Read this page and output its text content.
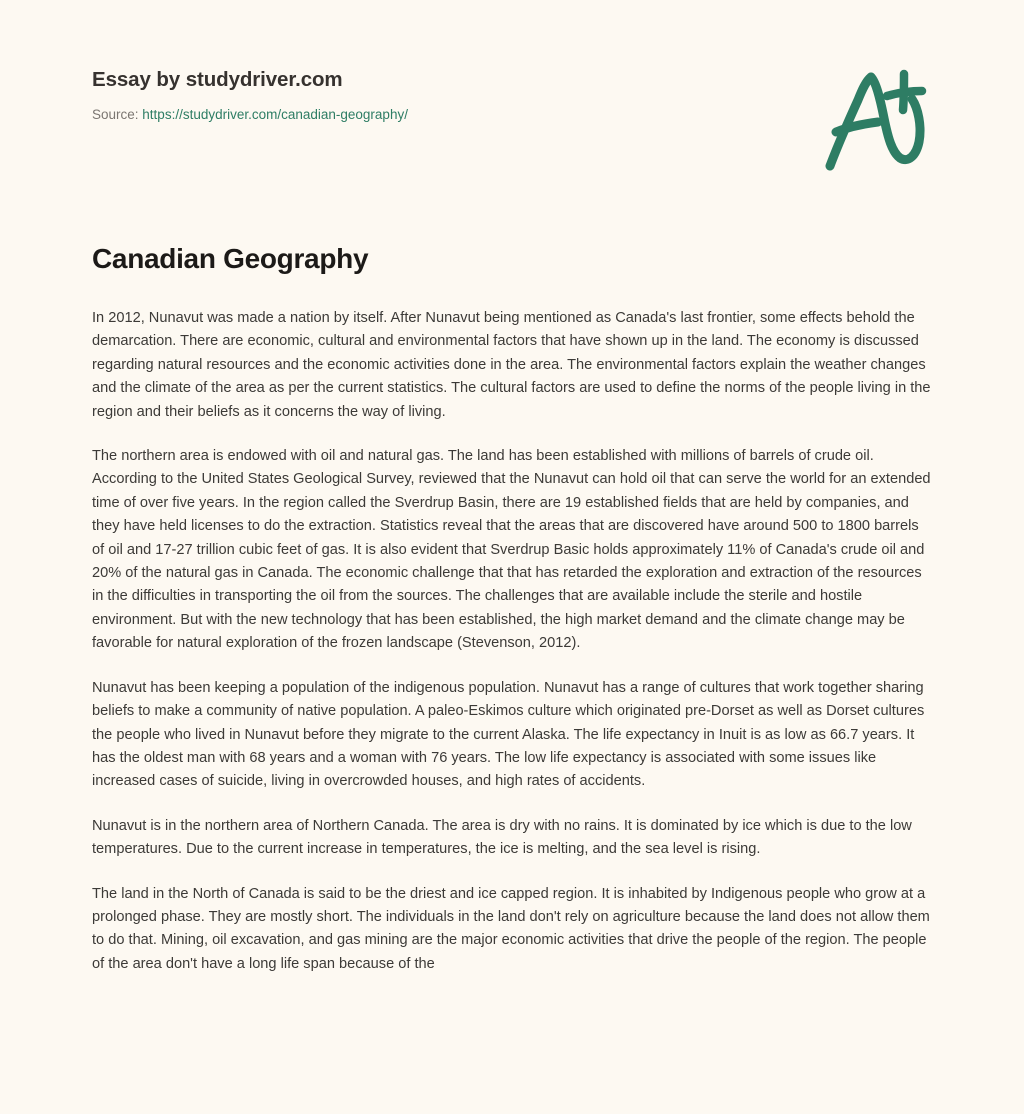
Essay by studydriver.com
Source: https://studydriver.com/canadian-geography/
Canadian Geography

In 2012, Nunavut was made a nation by itself. After Nunavut being mentioned as Canada's last frontier, some effects behold the demarcation. There are economic, cultural and environmental factors that have shown up in the land. The economy is discussed regarding natural resources and the economic activities done in the area. The environmental factors explain the weather changes and the climate of the area as per the current statistics. The cultural factors are used to define the norms of the people living in the region and their beliefs as it concerns the way of living.

The northern area is endowed with oil and natural gas. The land has been established with millions of barrels of crude oil. According to the United States Geological Survey, reviewed that the Nunavut can hold oil that can serve the world for an extended time of over five years. In the region called the Sverdrup Basin, there are 19 established fields that are held by companies, and they have held licenses to do the extraction. Statistics reveal that the areas that are discovered have around 500 to 1800 barrels of oil and 17-27 trillion cubic feet of gas. It is also evident that Sverdrup Basic holds approximately 11% of Canada's crude oil and 20% of the natural gas in Canada. The economic challenge that that has retarded the exploration and extraction of the resources in the difficulties in transporting the oil from the sources. The challenges that are available include the sterile and hostile environment. But with the new technology that has been established, the high market demand and the climate change may be favorable for natural exploration of the frozen landscape (Stevenson, 2012).

Nunavut has been keeping a population of the indigenous population. Nunavut has a range of cultures that work together sharing beliefs to make a community of native population. A paleo-Eskimos culture which originated pre-Dorset as well as Dorset cultures the people who lived in Nunavut before they migrate to the current Alaska. The life expectancy in Inuit is as low as 66.7 years. It has the oldest man with 68 years and a woman with 76 years. The low life expectancy is associated with some issues like increased cases of suicide, living in overcrowded houses, and high rates of accidents.

Nunavut is in the northern area of Northern Canada. The area is dry with no rains. It is dominated by ice which is due to the low temperatures. Due to the current increase in temperatures, the ice is melting, and the sea level is rising.

The land in the North of Canada is said to be the driest and ice capped region. It is inhabited by Indigenous people who grow at a prolonged phase. They are mostly short. The individuals in the land don't rely on agriculture because the land does not allow them to do that. Mining, oil excavation, and gas mining are the major economic activities that drive the people of the region. The people of the area don't have a long life span because of the
